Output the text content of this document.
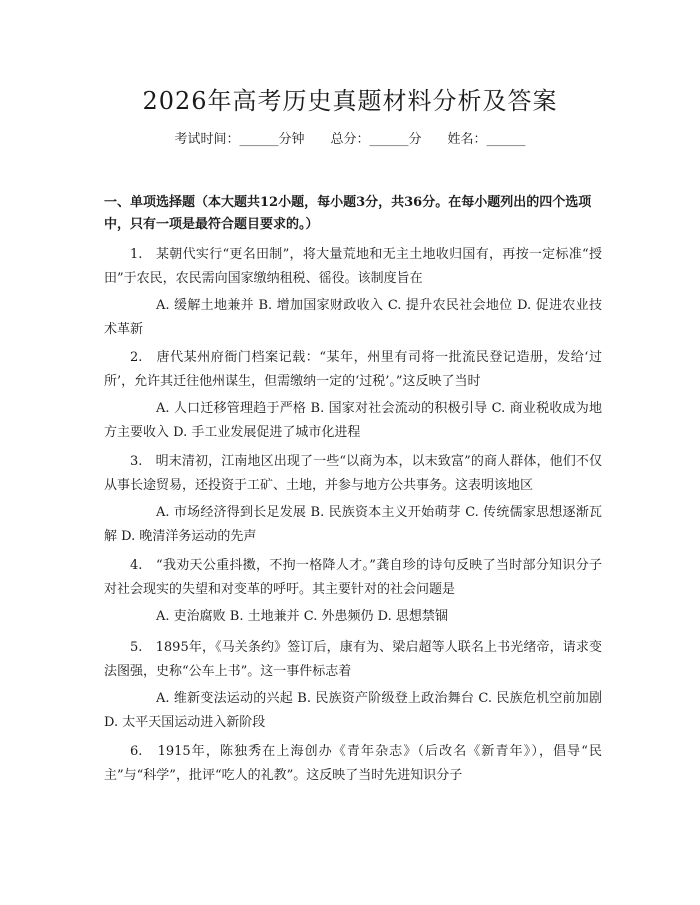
2026年高考历史真题材料分析及答案
考试时间：______分钟　　总分：______分　　姓名：______
一、单项选择题（本大题共12小题，每小题3分，共36分。在每小题列出的四个选项中，只有一项是最符合题目要求的。）
1.　某朝代实行“更名田制”，将大量荒地和无主土地收归国有，再按一定标准“授田”于农民，农民需向国家缴纳租税、徭役。该制度旨在
A. 缓解土地兼并 B. 增加国家财政收入 C. 提升农民社会地位 D. 促进农业技术革新
2.　唐代某州府衙门档案记载：“某年，州里有司将一批流民登记造册，发给‘过所’，允许其迁往他州谋生，但需缴纳一定的‘过税’。”这反映了当时
A. 人口迁移管理趋于严格 B. 国家对社会流动的积极引导 C. 商业税收成为地方主要收入 D. 手工业发展促进了城市化进程
3.　明末清初，江南地区出现了一些“以商为本，以末致富”的商人群体，他们不仅从事长途贸易，还投资于工矿、土地，并参与地方公共事务。这表明该地区
A. 市场经济得到长足发展 B. 民族资本主义开始萌芽 C. 传统儒家思想逐渐瓦解 D. 晚清洋务运动的先声
4.　“我劝天公重抖擞，不拘一格降人才。”龚自珍的诗句反映了当时部分知识分子对社会现实的失望和对变革的呼吁。其主要针对的社会问题是
A. 吏治腐败 B. 土地兼并 C. 外患频仍 D. 思想禁锢
5.　1895年，《马关条约》签订后，康有为、梁启超等人联名上书光绪帝，请求变法图强，史称“公车上书”。这一事件标志着
A. 维新变法运动的兴起 B. 民族资产阶级登上政治舞台 C. 民族危机空前加剧 D. 太平天国运动进入新阶段
6.　1915年，陈独秀在上海创办《青年杂志》（后改名《新青年》），倡导“民主”与“科学”，批评“吃人的礼教”。这反映了当时先进知识分子
